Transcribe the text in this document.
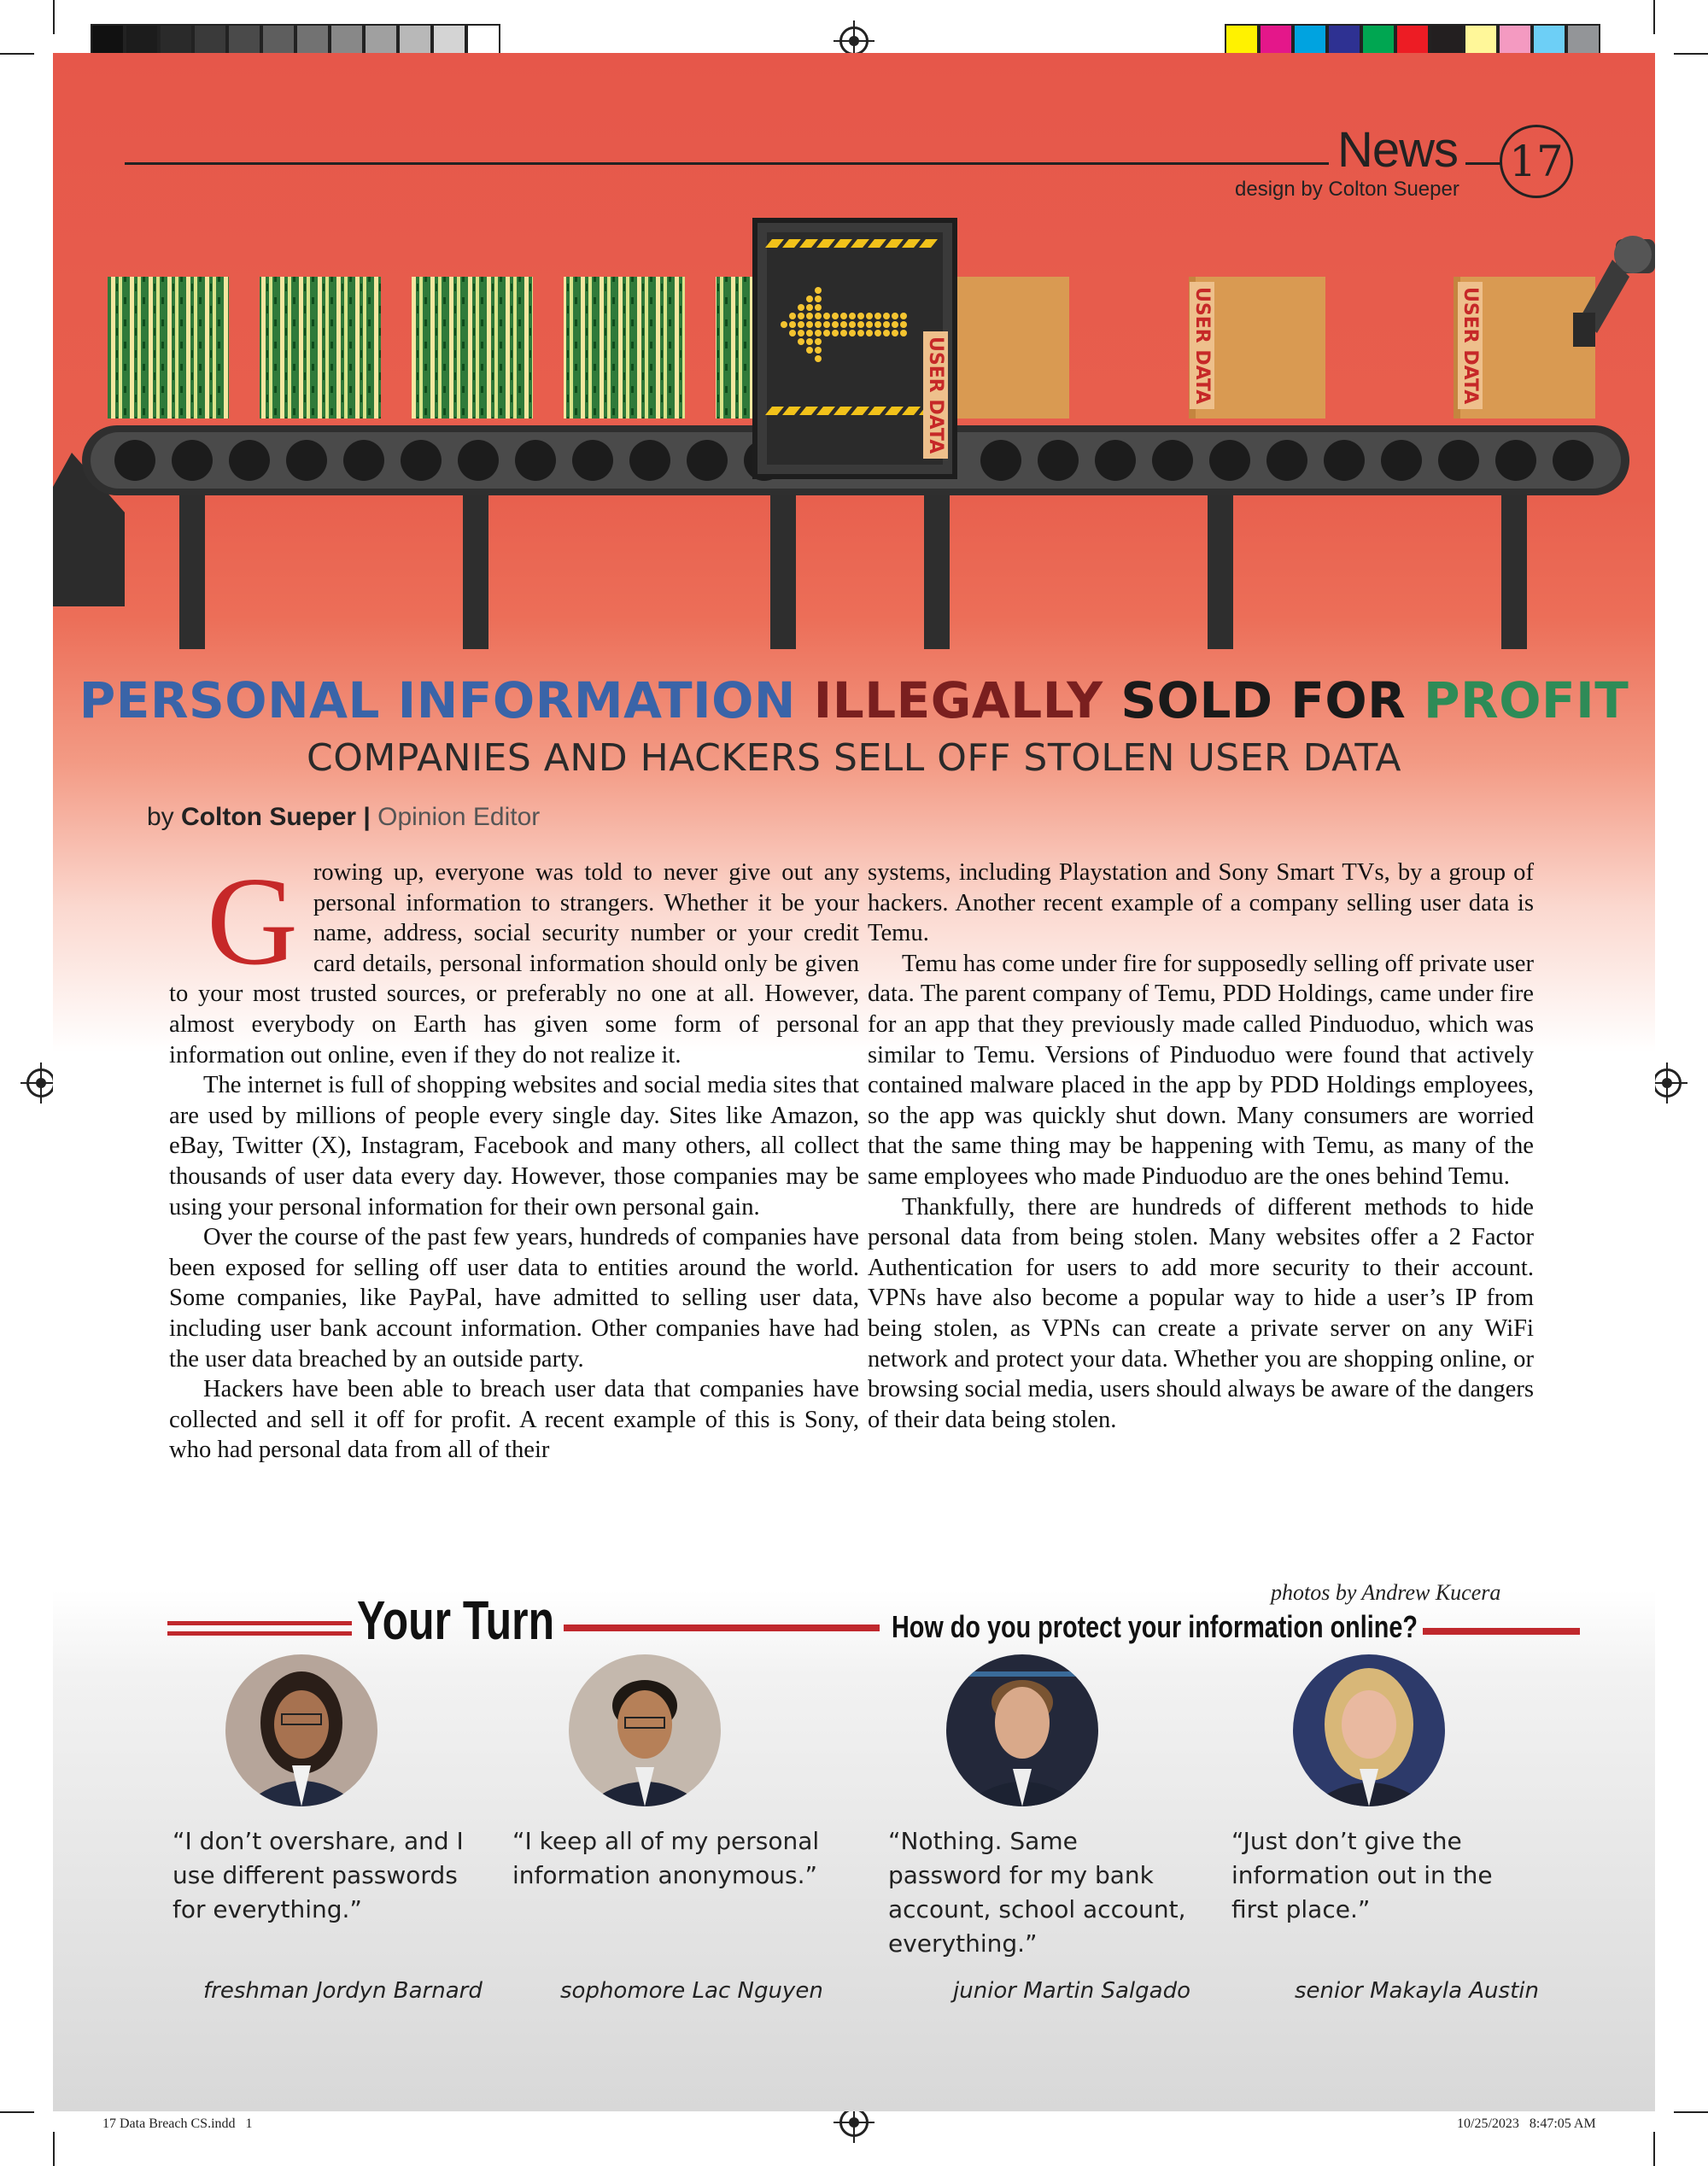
News 17
design by Colton Sueper
USER DATA	USER DATA	USER DATA
PERSONAL INFORMATION ILLEGALLY SOLD FOR PROFIT
COMPANIES AND HACKERS SELL OFF STOLEN USER DATA
by Colton Sueper | Opinion Editor
G rowing up, everyone was told to never give out any personal information to strangers. Whether it be your name, address, social security number or your credit card details, personal information should only be given to your most trusted sources, or preferably no one at all. However, almost everybody on Earth has given some form of personal information out online, even if they do not realize it.

The internet is full of shopping websites and social media sites that are used by millions of people every single day. Sites like Amazon, eBay, Twitter (X), Instagram, Facebook and many others, all collect thousands of user data every day. However, those companies may be using your personal information for their own personal gain.

Over the course of the past few years, hundreds of companies have been exposed for selling off user data to entities around the world. Some companies, like PayPal, have admitted to selling user data, including user bank account information. Other companies have had the user data breached by an outside party.

Hackers have been able to breach user data that companies have collected and sell it off for profit. A recent example of this is Sony, who had personal data from all of their

systems, including Playstation and Sony Smart TVs, by a group of hackers. Another recent example of a company selling user data is Temu.

Temu has come under fire for supposedly selling off private user data. The parent company of Temu, PDD Holdings, came under fire for an app that they previously made called Pinduoduo, which was similar to Temu. Versions of Pinduoduo were found that actively contained malware placed in the app by PDD Holdings employees, so the app was quickly shut down. Many consumers are worried that the same thing may be happening with Temu, as many of the same employees who made Pinduoduo are the ones behind Temu.

Thankfully, there are hundreds of different methods to hide personal data from being stolen. Many websites offer a 2 Factor Authentication for users to add more security to their account. VPNs have also become a popular way to hide a user’s IP from being stolen, as VPNs can create a private server on any WiFi network and protect your data. Whether you are shopping online, or browsing social media, users should always be aware of the dangers of their data being stolen.

photos by Andrew Kucera
Your Turn	How do you protect your information online?
“I don’t overshare, and I use different passwords for everything.”
“I keep all of my personal information anonymous.”
“Nothing. Same password for my bank account, school account, everything.”
“Just don’t give the information out in the first place.”
freshman Jordyn Barnard	sophomore Lac Nguyen	junior Martin Salgado	senior Makayla Austin
17 Data Breach CS.indd   1	10/25/2023   8:47:05 AM
